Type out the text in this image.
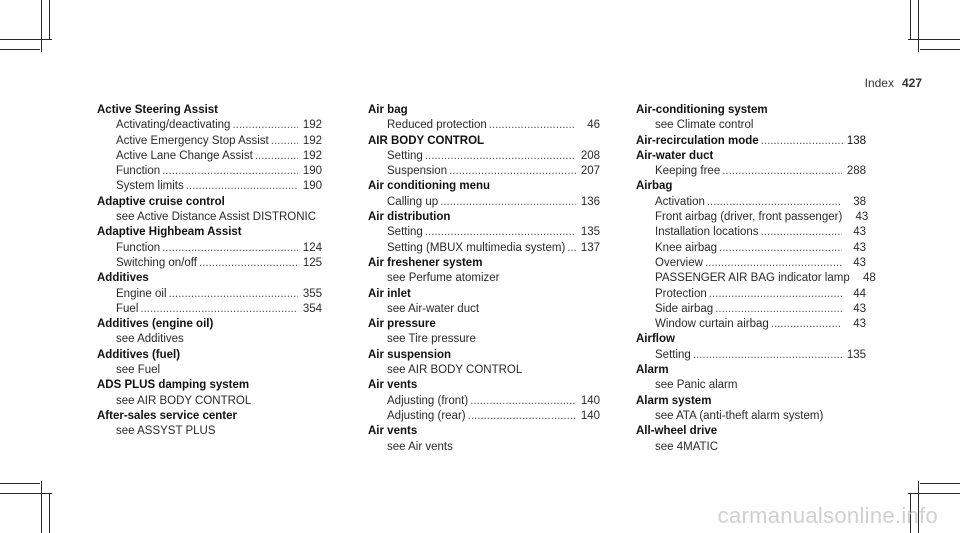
Index 427
Active Steering Assist
Activating/deactivating .....	192
Active Emergency Stop Assist .....	192
Active Lane Change Assist .....	192
Function .....	190
System limits .....	190
Adaptive cruise control
see Active Distance Assist DISTRONIC
Adaptive Highbeam Assist
Function .....	124
Switching on/off .....	125
Additives
Engine oil .....	355
Fuel .....	354
Additives (engine oil)
see Additives
Additives (fuel)
see Fuel
ADS PLUS damping system
see AIR BODY CONTROL
After-sales service center
see ASSYST PLUS
Air bag
Reduced protection .....	46
AIR BODY CONTROL
Setting .....	208
Suspension .....	207
Air conditioning menu
Calling up .....	136
Air distribution
Setting .....	135
Setting (MBUX multimedia system) ..... 137
Air freshener system
see Perfume atomizer
Air inlet
see Air-water duct
Air pressure
see Tire pressure
Air suspension
see AIR BODY CONTROL
Air vents
Adjusting (front) .....	140
Adjusting (rear) .....	140
Air vents
see Air vents
Air-conditioning system
see Climate control
Air-recirculation mode .....	138
Air-water duct
Keeping free .....	288
Airbag
Activation .....	38
Front airbag (driver, front passenger)	43
Installation locations .....	43
Knee airbag .....	43
Overview .....	43
PASSENGER AIR BAG indicator lamp	48
Protection .....	44
Side airbag .....	43
Window curtain airbag .....	43
Airflow
Setting .....	135
Alarm
see Panic alarm
Alarm system
see ATA (anti-theft alarm system)
All-wheel drive
see 4MATIC
carmanualsonline.info
